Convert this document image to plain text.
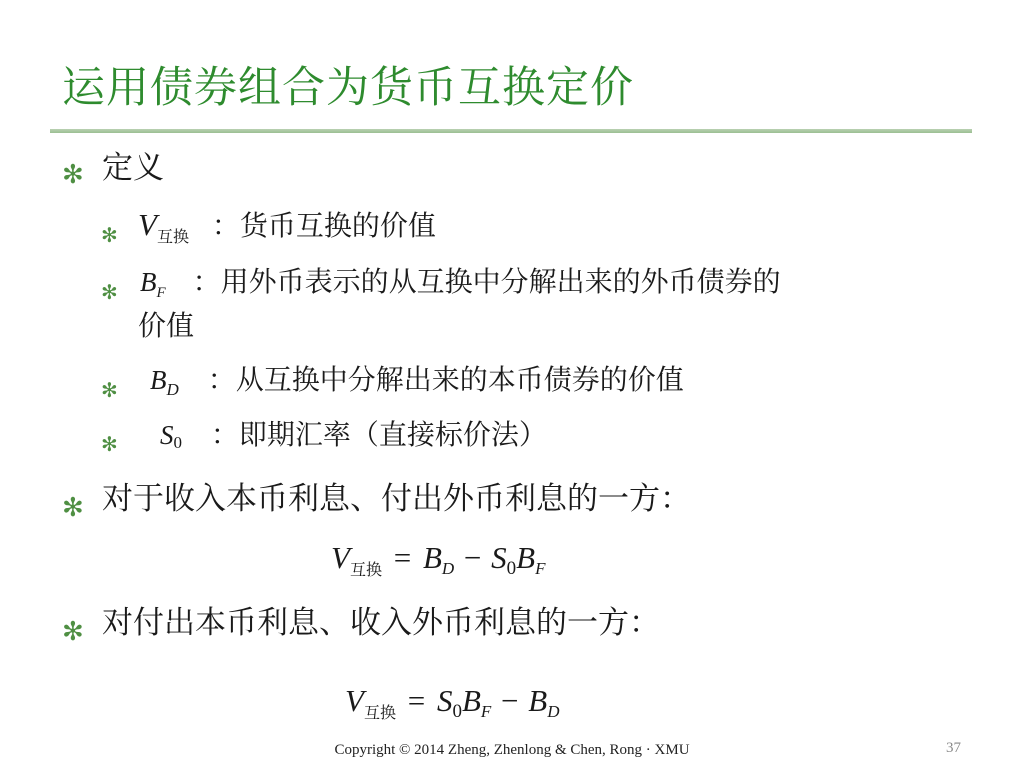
运用债券组合为货币互换定价
✻ 定义
✻ $V_{互换}$ ：货币互换的价值
✻ $B_F$ ：用外币表示的从互换中分解出来的外币债券的
价值
✻ $B_D$ ：从互换中分解出来的本币债券的价值
✻ S0 ：即期汇率（直接标价法）
✻ 对于收入本币利息、付出外币利息的一方：
$V_{互换}$ = BD − S0BF
✻ 对付出本币利息、收入外币利息的一方：
$V_{互换} = S0BF$ − BD
Copyright © 2014 Zheng, Zhenlong & Chen, Rong · XMU	37
